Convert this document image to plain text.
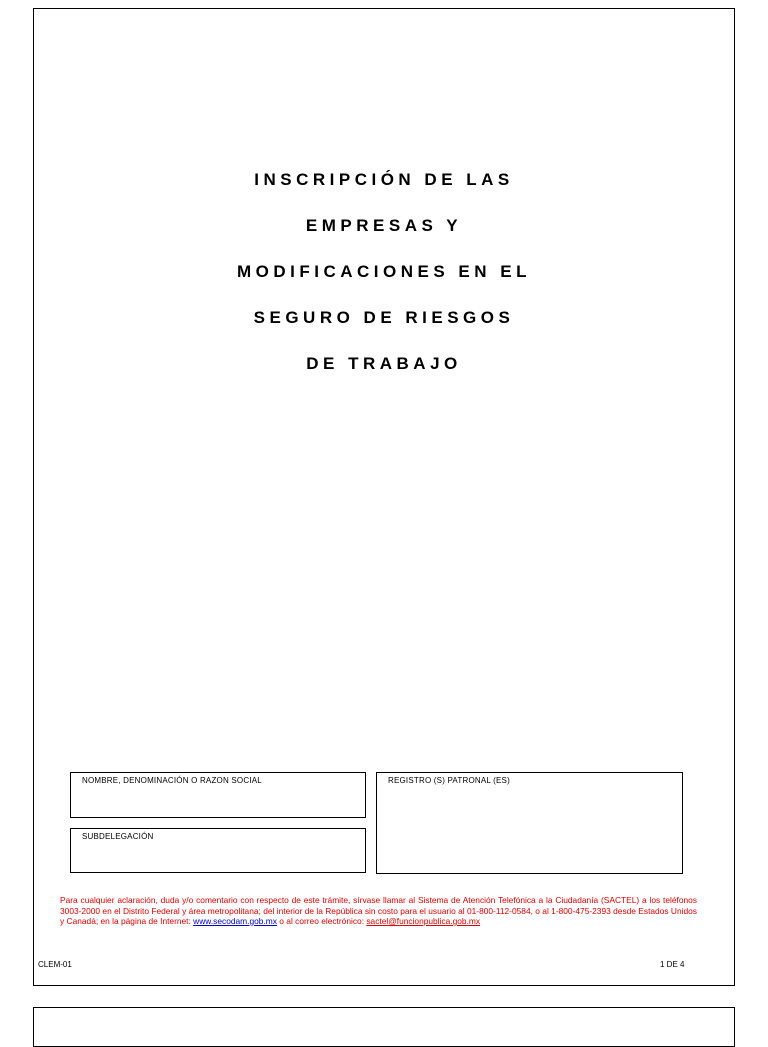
INSCRIPCIÓN DE LAS
EMPRESAS Y
MODIFICACIONES EN EL
SEGURO DE RIESGOS
DE TRABAJO
NOMBRE, DENOMINACIÓN O RAZON SOCIAL
SUBDELEGACIÓN
REGISTRO (S) PATRONAL (ES)
Para cualquier aclaración, duda y/o comentario con respecto de este trámite, sírvase llamar al Sistema de Atención Telefónica a la Ciudadanía (SACTEL) a los teléfonos 3003-2000 en el Distrito Federal y área metropolitana; del interior de la República sin costo para el usuario al 01-800-112-0584, o al 1-800-475-2393 desde Estados Unidos y Canadá; en la página de Internet: www.secodam.gob.mx o al correo electrónico: sactel@funcionpublica.gob.mx
CLEM-01	1 DE 4
